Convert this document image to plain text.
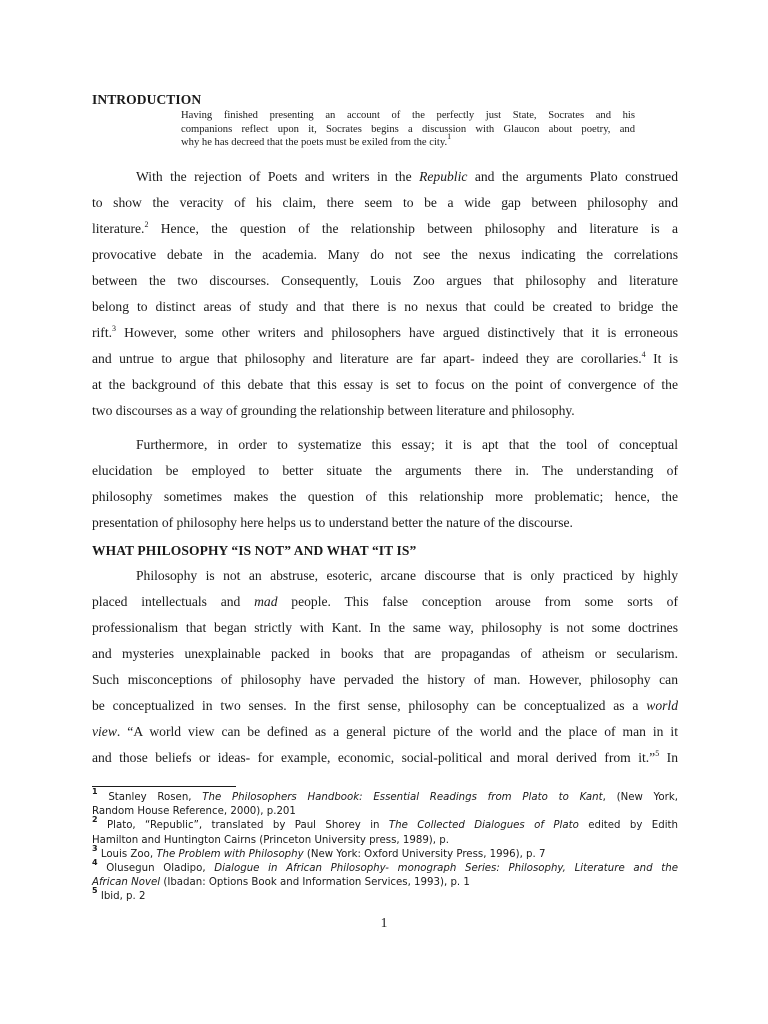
INTRODUCTION
Having finished presenting an account of the perfectly just State, Socrates and his
companions reflect upon it, Socrates begins a discussion with Glaucon about poetry, and
why he has decreed that the poets must be exiled from the city.$^1$
With the rejection of Poets and writers in the Republic and the arguments Plato construed
to show the veracity of his claim, there seem to be a wide gap between philosophy and
literature.$^2$ Hence, the question of the relationship between philosophy and literature is a
provocative debate in the academia. Many do not see the nexus indicating the correlations
between the two discourses. Consequently, Louis Zoo argues that philosophy and literature
belong to distinct areas of study and that there is no nexus that could be created to bridge the
rift.$^3$ However, some other writers and philosophers have argued distinctively that it is erroneous
and untrue to argue that philosophy and literature are far apart- indeed they are corollaries.$^4$ It is
at the background of this debate that this essay is set to focus on the point of convergence of the
two discourses as a way of grounding the relationship between literature and philosophy.
Furthermore, in order to systematize this essay; it is apt that the tool of conceptual
elucidation be employed to better situate the arguments there in. The understanding of
philosophy sometimes makes the question of this relationship more problematic; hence, the
presentation of philosophy here helps us to understand better the nature of the discourse.
WHAT PHILOSOPHY “IS NOT” AND WHAT “IT IS”
Philosophy is not an abstruse, esoteric, arcane discourse that is only practiced by highly
placed intellectuals and mad people. This false conception arouse from some sorts of
professionalism that began strictly with Kant. In the same way, philosophy is not some doctrines
and mysteries unexplainable packed in books that are propagandas of atheism or secularism.
Such misconceptions of philosophy have pervaded the history of man. However, philosophy can
be conceptualized in two senses. In the first sense, philosophy can be conceptualized as a world
view. “A world view can be defined as a general picture of the world and the place of man in it
and those beliefs or ideas- for example, economic, social-political and moral derived from it.”$^5$ In
$^1$ Stanley Rosen, The Philosophers Handbook: Essential Readings from Plato to Kant, (New York,
Random House Reference, 2000), p.201
$^2$ Plato, “Republic”, translated by Paul Shorey in The Collected Dialogues of Plato edited by Edith
Hamilton and Huntington Cairns (Princeton University press, 1989), p.
$^3$ Louis Zoo, The Problem with Philosophy (New York: Oxford University Press, 1996), p. 7
$^4$ Olusegun Oladipo, Dialogue in African Philosophy- monograph Series: Philosophy, Literature and the
African Novel (Ibadan: Options Book and Information Services, 1993), p. 1
$^5$ Ibid, p. 2
1
